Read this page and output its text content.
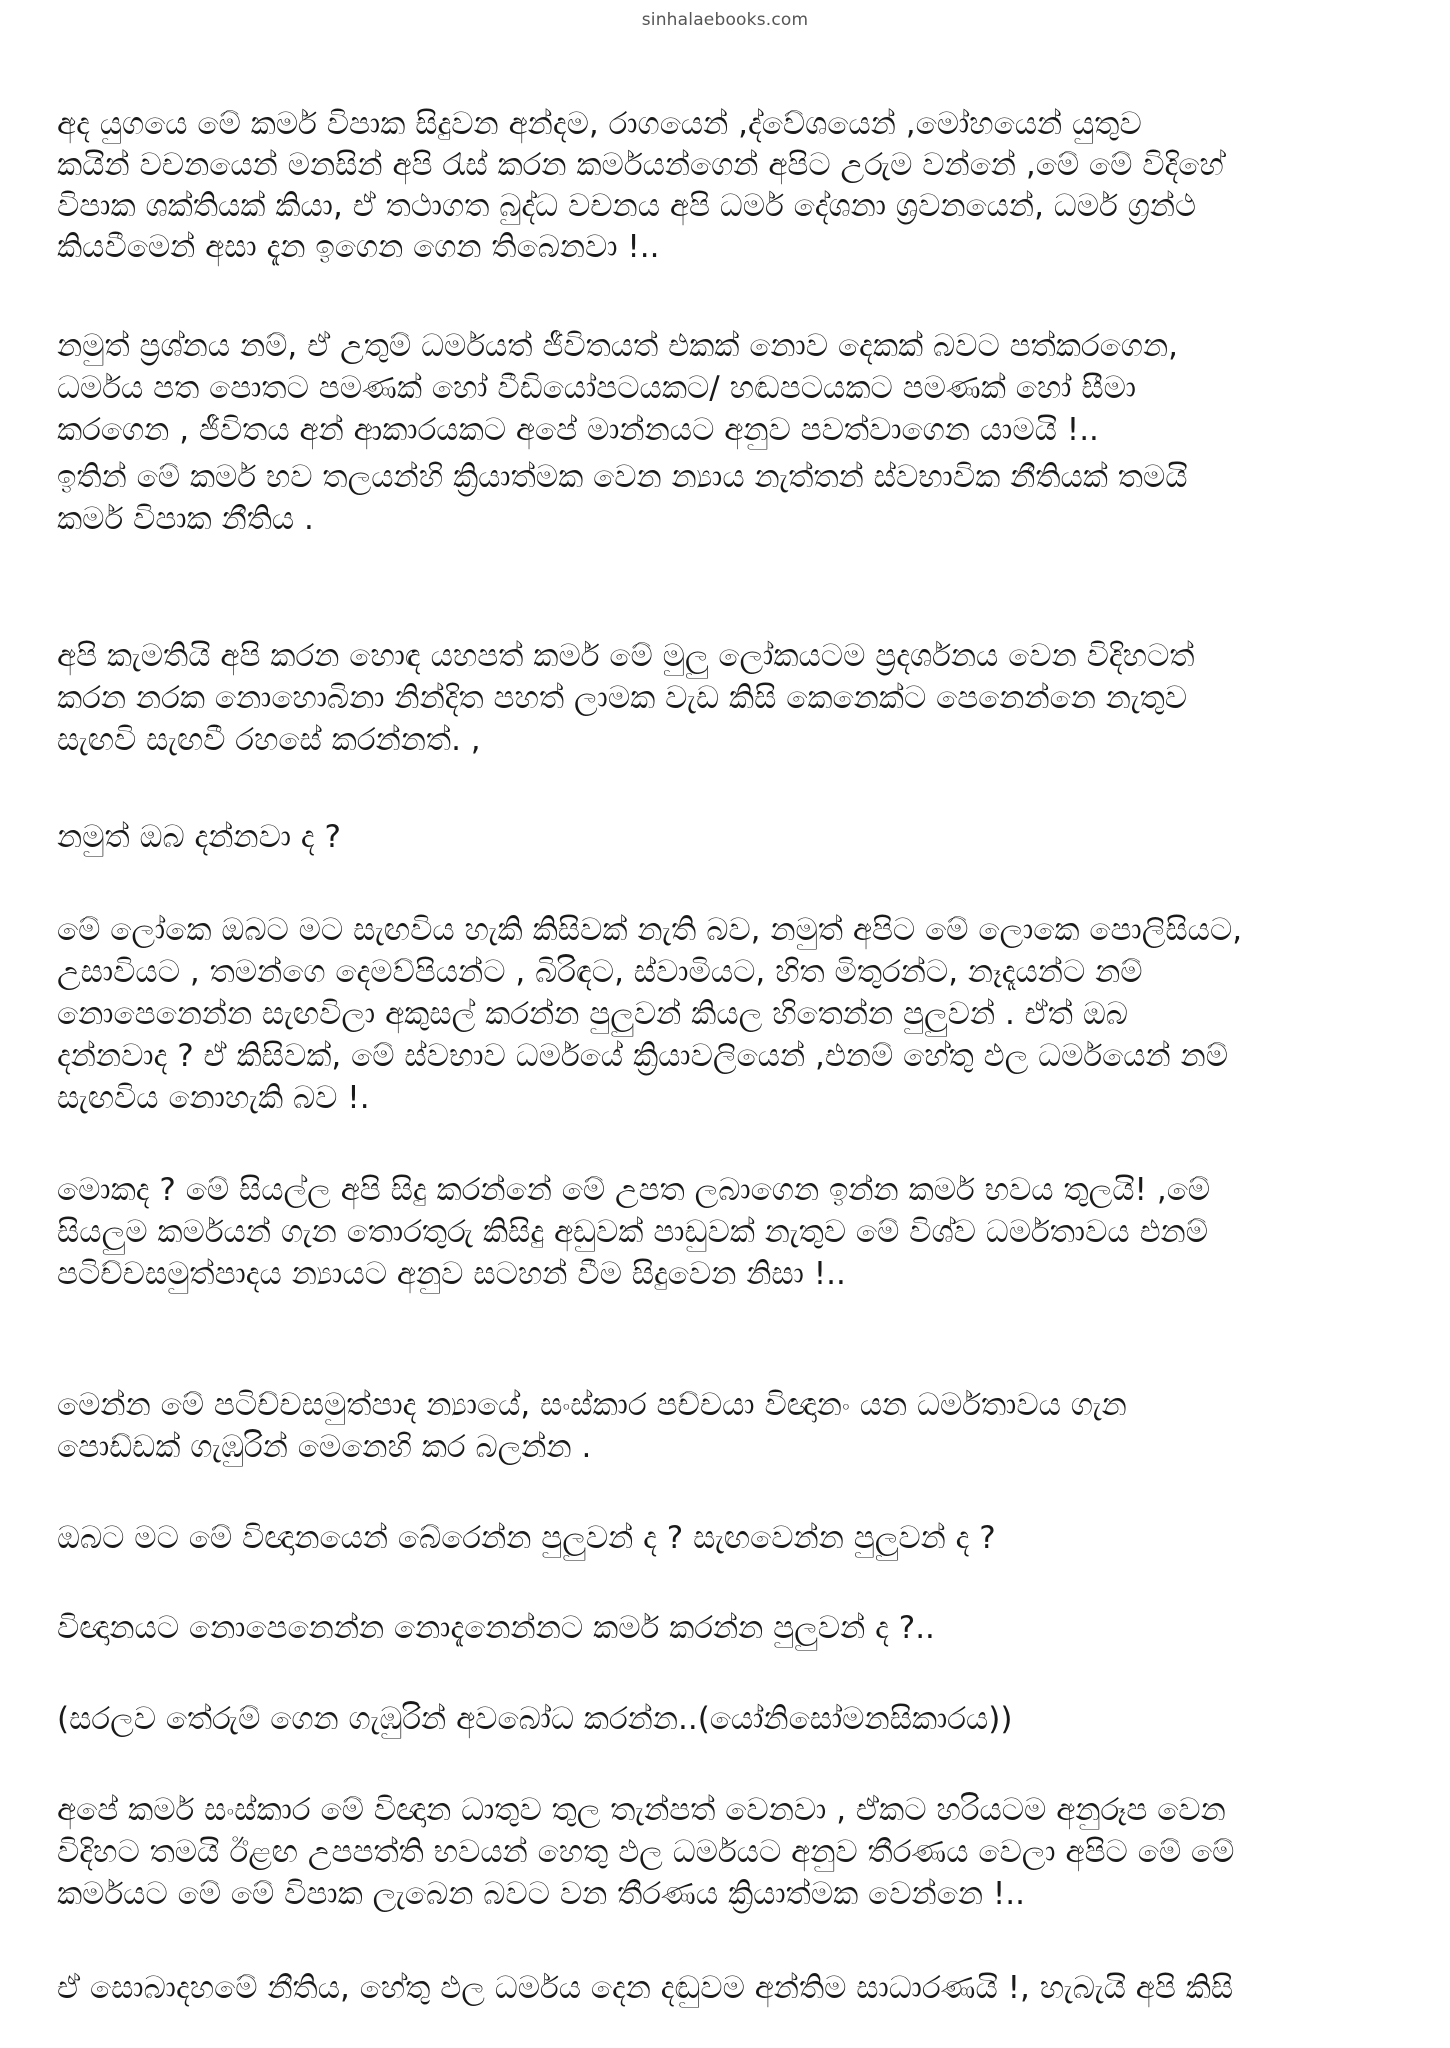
sinhalaebooks.com
අද යුගයෙ මේ කර්ම විපාක සිදුවන අන්දම, රාගයෙන් ,ද්වේශයෙන් ,මෝහයෙන් යුතුව
කයින් වචනයෙන් මනසින් අපි රැස් කරන කර්මයන්ගෙන් අපිට උරුම වන්නේ ,මේ මේ විදිහේ
විපාක ශක්තියක් කියා, ඒ තථාගත බුද්ධ වචනය අපි ධර්ම දේශනා ශ්‍රවනයෙන්, ධර්ම ග්‍රන්ථ
කියවීමෙන් අසා දැන ඉගෙන ගෙන තිබෙනවා !..
නමුත් ප්‍රශ්නය නම්, ඒ උතුම් ධර්මයත් ජීවිතයත් එකක් නොව දෙකක් බවට පත්කරගෙන,
ධර්මය පත පොතට පමණක් හෝ වීඩියෝපටයකට/ හඬපටයකට පමණක් හෝ සීමා
කරගෙන , ජීවිතය අන් ආකාරයකට අපේ මාන්නයට අනුව පවත්වාගෙන යාමයි !..
ඉතින් මේ කර්ම භව තලයන්හි ක්‍රියාත්මක වෙන න්‍යාය නැත්තන් ස්වභාවික නීතියක් තමයි
කර්ම විපාක නීතිය .
අපි කැමතියි අපි කරන හොඳ යහපත් කර්ම මේ මුලු ලෝකයටම ප්‍රදර්ශනය වෙන විදිහටත්
කරන නරක නොහොබිනා නින්දිත පහත් ලාමක වැඩ කිසි කෙනෙක්ට පෙනෙන්නෙ නැතුව
සැඟවි සැඟවී රහසේ කරන්නත්. ,
නමුත් ඔබ දන්නවා ද ?
මේ ලෝකෙ ඔබට මට සැඟවිය හැකි කිසිවක් නැති බව, නමුත් අපිට මේ ලොකෙ පොලිසියට,
උසාවියට , තමන්ගෙ දෙමව්පියන්ට , බිරිඳට, ස්වාමියට, හිත මිතුරන්ට, නෑදෑයන්ට නම්
නොපෙනෙන්න සැඟවිලා අකුසල් කරන්න පුලුවන් කියල හිතෙන්න පුලුවන් . ඒත් ඔබ
දන්නවාද ? ඒ කිසිවක්, මේ ස්වභාව ධර්මයේ ක්‍රියාවලියෙන් ,එනම් හේතු ඵල ධර්මයෙන් නම්
සැඟවිය නොහැකි බව !.
මොකද ? මේ සියල්ල අපි සිදු කරන්නේ මේ උපත ලබාගෙන ඉන්න කර්ම භවය තුලයි! ,මේ
සියලුම කර්මයන් ගැන තොරතුරු කිසිදු අඩුවක් පාඩුවක් නැතුව මේ විශ්ව ධර්මතාවය එනම්
පටිච්චසමුත්පාදය න්‍යායට අනුව සටහන් වීම සිදුවෙන නිසා !..
මෙන්න මේ පටිච්චසමුත්පාද න්‍යායේ, සංස්කාර පච්චයා විඥානං යන ධර්මතාවය ගැන
පොඩ්ඩක් ගැඹුරින් මෙනෙහි කර බලන්න .
ඔබට මට මේ විඥානයෙන් බේරෙන්න පුලුවන් ද ? සැඟවෙන්න පුලුවන් ද ?
විඥානයට නොපෙනෙන්න නොදැනෙන්නට කර්ම කරන්න පුලුවන් ද ?..
(සරලව තේරුම් ගෙන ගැඹුරින් අවබෝධ කරන්න..(යෝනිසෝමනසිකාරය))
අපේ කර්ම සංස්කාර මේ විඥාන ධාතුව තුල තැන්පත් වෙනවා , ඒකට හරියටම අනුරූප වෙන
විදිහට තමයි ඊළඟ උපපත්ති භවයන් හෙතු ඵල ධර්මයට අනුව තීරණය වෙලා අපිට මේ මේ
කර්මයට මේ මේ විපාක ලැබෙන බවට වන තීරණය ක්‍රියාත්මක වෙන්නෙ !..
ඒ සොබාදහමේ නීතිය, හේතු ඵල ධර්මය දෙන දඬුවම අන්තිම සාධාරණයි !, හැබැයි අපි කිසි
